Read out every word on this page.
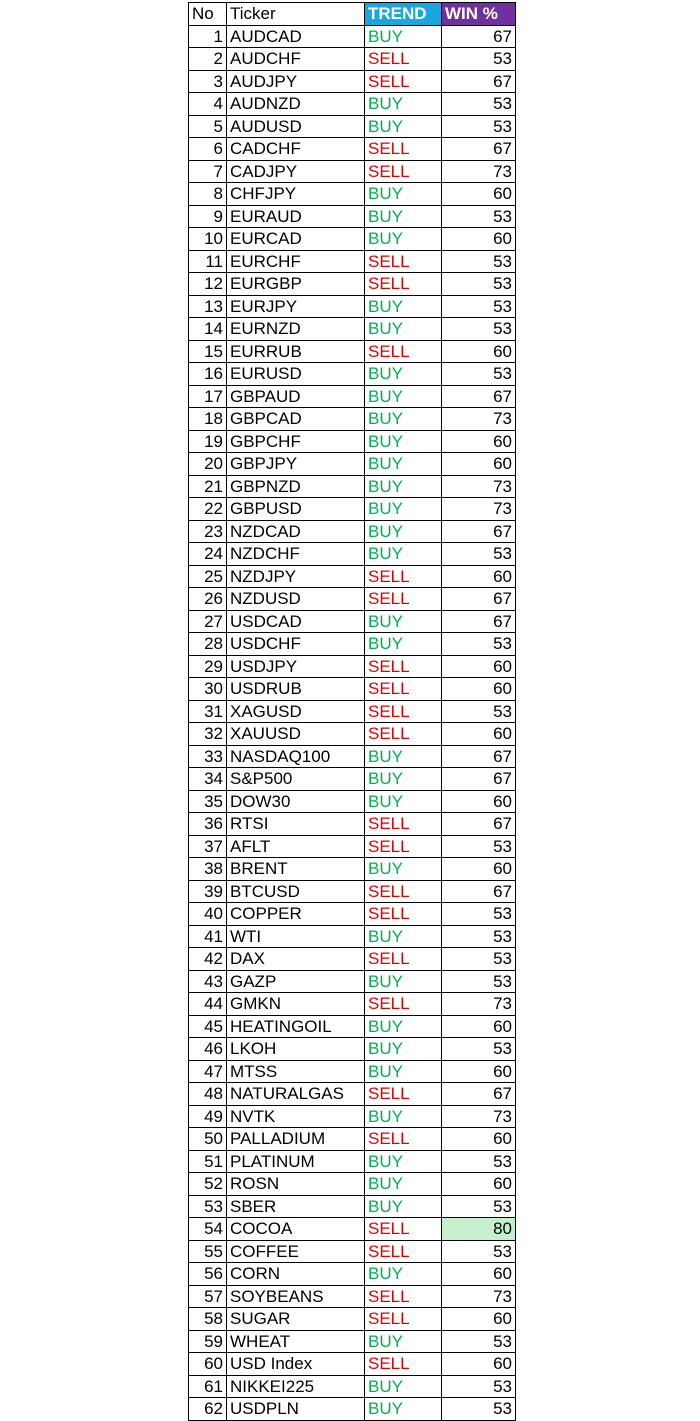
No	Ticker	TREND	WIN %
1	AUDCAD	BUY	67
2	AUDCHF	SELL	53
3	AUDJPY	SELL	67
4	AUDNZD	BUY	53
5	AUDUSD	BUY	53
6	CADCHF	SELL	67
7	CADJPY	SELL	73
8	CHFJPY	BUY	60
9	EURAUD	BUY	53
10	EURCAD	BUY	60
11	EURCHF	SELL	53
12	EURGBP	SELL	53
13	EURJPY	BUY	53
14	EURNZD	BUY	53
15	EURRUB	SELL	60
16	EURUSD	BUY	53
17	GBPAUD	BUY	67
18	GBPCAD	BUY	73
19	GBPCHF	BUY	60
20	GBPJPY	BUY	60
21	GBPNZD	BUY	73
22	GBPUSD	BUY	73
23	NZDCAD	BUY	67
24	NZDCHF	BUY	53
25	NZDJPY	SELL	60
26	NZDUSD	SELL	67
27	USDCAD	BUY	67
28	USDCHF	BUY	53
29	USDJPY	SELL	60
30	USDRUB	SELL	60
31	XAGUSD	SELL	53
32	XAUUSD	SELL	60
33	NASDAQ100	BUY	67
34	S&P500	BUY	67
35	DOW30	BUY	60
36	RTSI	SELL	67
37	AFLT	SELL	53
38	BRENT	BUY	60
39	BTCUSD	SELL	67
40	COPPER	SELL	53
41	WTI	BUY	53
42	DAX	SELL	53
43	GAZP	BUY	53
44	GMKN	SELL	73
45	HEATINGOIL	BUY	60
46	LKOH	BUY	53
47	MTSS	BUY	60
48	NATURALGAS	SELL	67
49	NVTK	BUY	73
50	PALLADIUM	SELL	60
51	PLATINUM	BUY	53
52	ROSN	BUY	60
53	SBER	BUY	53
54	COCOA	SELL	80
55	COFFEE	SELL	53
56	CORN	BUY	60
57	SOYBEANS	SELL	73
58	SUGAR	SELL	60
59	WHEAT	BUY	53
60	USD Index	SELL	60
61	NIKKEI225	BUY	53
62	USDPLN	BUY	53
